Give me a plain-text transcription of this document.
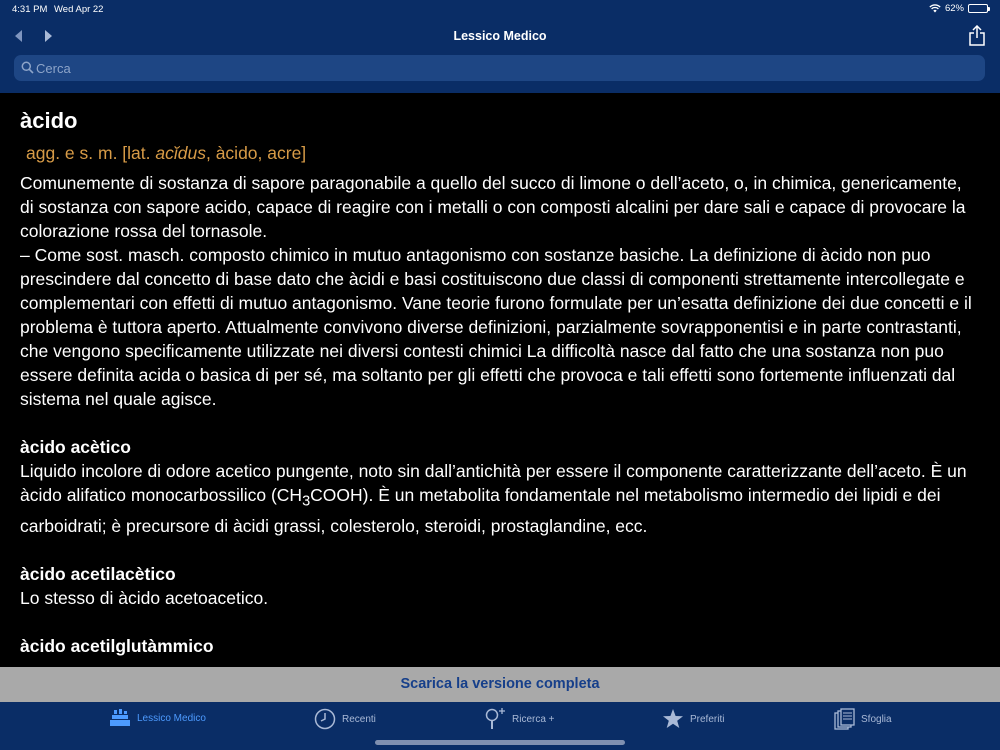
4:31 PM Wed Apr 22	62%
Lessico Medico
Cerca
àcido
agg. e s. m. [lat. acĭdus, àcido, acre]
Comunemente di sostanza di sapore paragonabile a quello del succo di limone o dell’aceto, o, in chimica, genericamente, di sostanza con sapore acido, capace di reagire con i metalli o con composti alcalini per dare sali e capace di provocare la colorazione rossa del tornasole.
– Come sost. masch. composto chimico in mutuo antagonismo con sostanze basiche. La definizione di àcido non puo prescindere dal concetto di base dato che àcidi e basi costituiscono due classi di componenti strettamente intercollegate e complementari con effetti di mutuo antagonismo. Vane teorie furono formulate per un’esatta definizione dei due concetti e il problema è tuttora aperto. Attualmente convivono diverse definizioni, parzialmente sovrapponentisi e in parte contrastanti, che vengono specificamente utilizzate nei diversi contesti chimici La difficoltà nasce dal fatto che una sostanza non puo essere definita acida o basica di per sé, ma soltanto per gli effetti che provoca e tali effetti sono fortemente influenzati dal sistema nel quale agisce.
àcido acètico
Liquido incolore di odore acetico pungente, noto sin dall’antichità per essere il componente caratterizzante dell’aceto. È un àcido alifatico monocarbossilico $(CH_3COOH)$. È un metabolita fondamentale nel metabolismo intermedio dei lipidi e dei carboidrati; è precursore di àcidi grassi, colesterolo, steroidi, prostaglandine, ecc.
àcido acetilacètico
Lo stesso di àcido acetoacetico.
àcido acetilglutàmmico
Scarica la versione completa
Lessico Medico	Recenti	Ricerca +	Preferiti	Sfoglia
